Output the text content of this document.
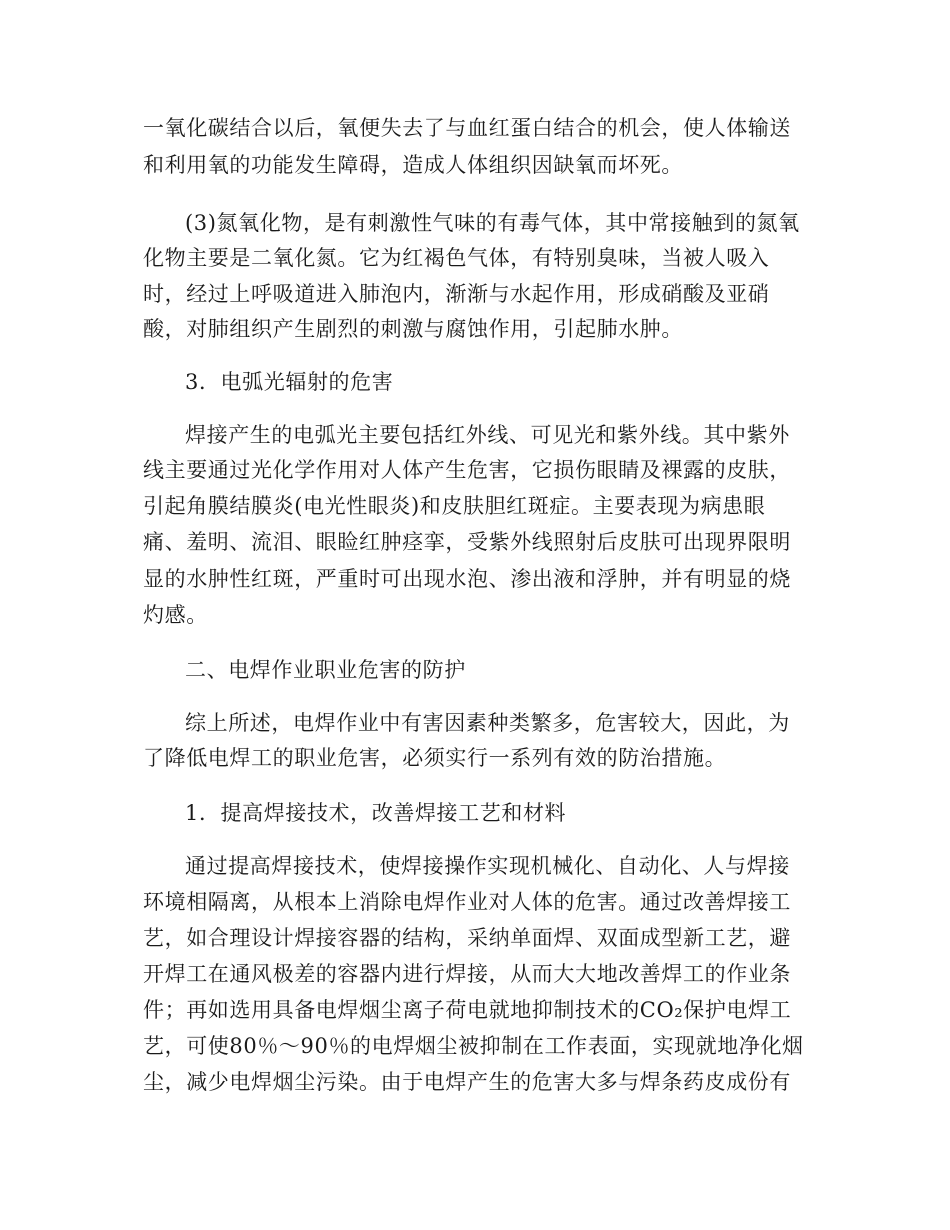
一氧化碳结合以后，氧便失去了与血红蛋白结合的机会，使人体输送
和利用氧的功能发生障碍，造成人体组织因缺氧而坏死。
(3)氮氧化物，是有刺激性气味的有毒气体，其中常接触到的氮氧
化物主要是二氧化氮。它为红褐色气体，有特别臭味，当被人吸入
时，经过上呼吸道进入肺泡内，渐渐与水起作用，形成硝酸及亚硝
酸，对肺组织产生剧烈的刺激与腐蚀作用，引起肺水肿。
3．电弧光辐射的危害
焊接产生的电弧光主要包括红外线、可见光和紫外线。其中紫外
线主要通过光化学作用对人体产生危害，它损伤眼睛及裸露的皮肤，
引起角膜结膜炎(电光性眼炎)和皮肤胆红斑症。主要表现为病患眼
痛、羞明、流泪、眼睑红肿痉挛，受紫外线照射后皮肤可出现界限明
显的水肿性红斑，严重时可出现水泡、渗出液和浮肿，并有明显的烧
灼感。
二、电焊作业职业危害的防护
综上所述，电焊作业中有害因素种类繁多，危害较大，因此，为
了降低电焊工的职业危害，必须实行一系列有效的防治措施。
1．提高焊接技术，改善焊接工艺和材料
通过提高焊接技术，使焊接操作实现机械化、自动化、人与焊接
环境相隔离，从根本上消除电焊作业对人体的危害。通过改善焊接工
艺，如合理设计焊接容器的结构，采纳单面焊、双面成型新工艺，避
开焊工在通风极差的容器内进行焊接，从而大大地改善焊工的作业条
件；再如选用具备电焊烟尘离子荷电就地抑制技术的CO₂保护电焊工
艺，可使80％～90％的电焊烟尘被抑制在工作表面，实现就地净化烟
尘，减少电焊烟尘污染。由于电焊产生的危害大多与焊条药皮成份有
